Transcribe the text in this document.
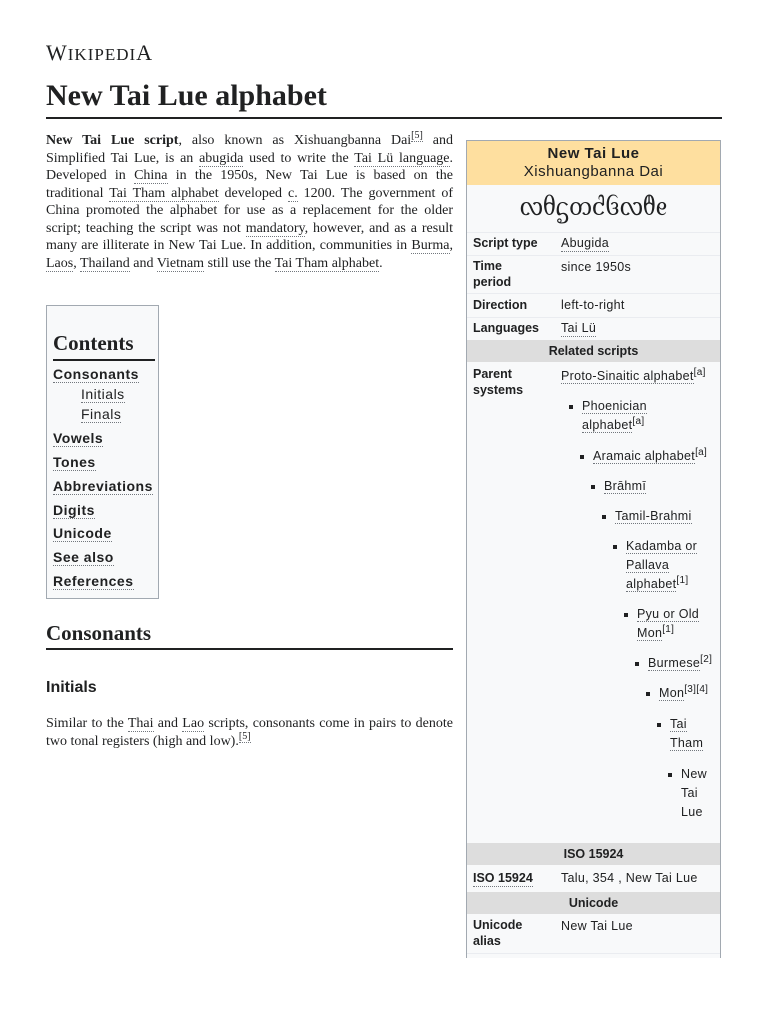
WIKIPEDIA
New Tai Lue alphabet

New Tai Lue script, also known as Xishuangbanna Dai[5] and Simplified Tai Lue, is an abugida used to write the Tai Lü language. Developed in China in the 1950s, New Tai Lue is based on the traditional Tai Tham alphabet developed c. 1200. The government of China promoted the alphabet for use as a replacement for the older script; teaching the script was not mandatory, however, and as a result many are illiterate in New Tai Lue. In addition, communities in Burma, Laos, Thailand and Vietnam still use the Tai Tham alphabet.

Contents
Consonants
Initials
Finals
Vowels
Tones
Abbreviations
Digits
Unicode
See also
References
Consonants
Initials

Similar to the Thai and Lao scripts, consonants come in pairs to denote two tonal registers (high and low).[5]

New Tai Lue
Xishuangbanna Dai
ᦟᦲᧃᦎᦺᦑᦟᦹᧉ
Script type Abugida
Time period
since 1950s
Direction	left-to-right
Languages Tai Lü
Related scripts
Parent systems
Proto-Sinaitic alphabet[a]
Phoenician alphabet[a]
Aramaic alphabet[a]
Brāhmī
Tamil-Brahmi
Kadamba or Pallava alphabet[1]
Pyu or Old Mon[1]
Burmese[2]
Mon[3][4]
Tai Tham
New Tai Lue
ISO 15924
ISO 15924 Talu, 354 , New Tai Lue
Unicode
Unicode alias
New Tai Lue
